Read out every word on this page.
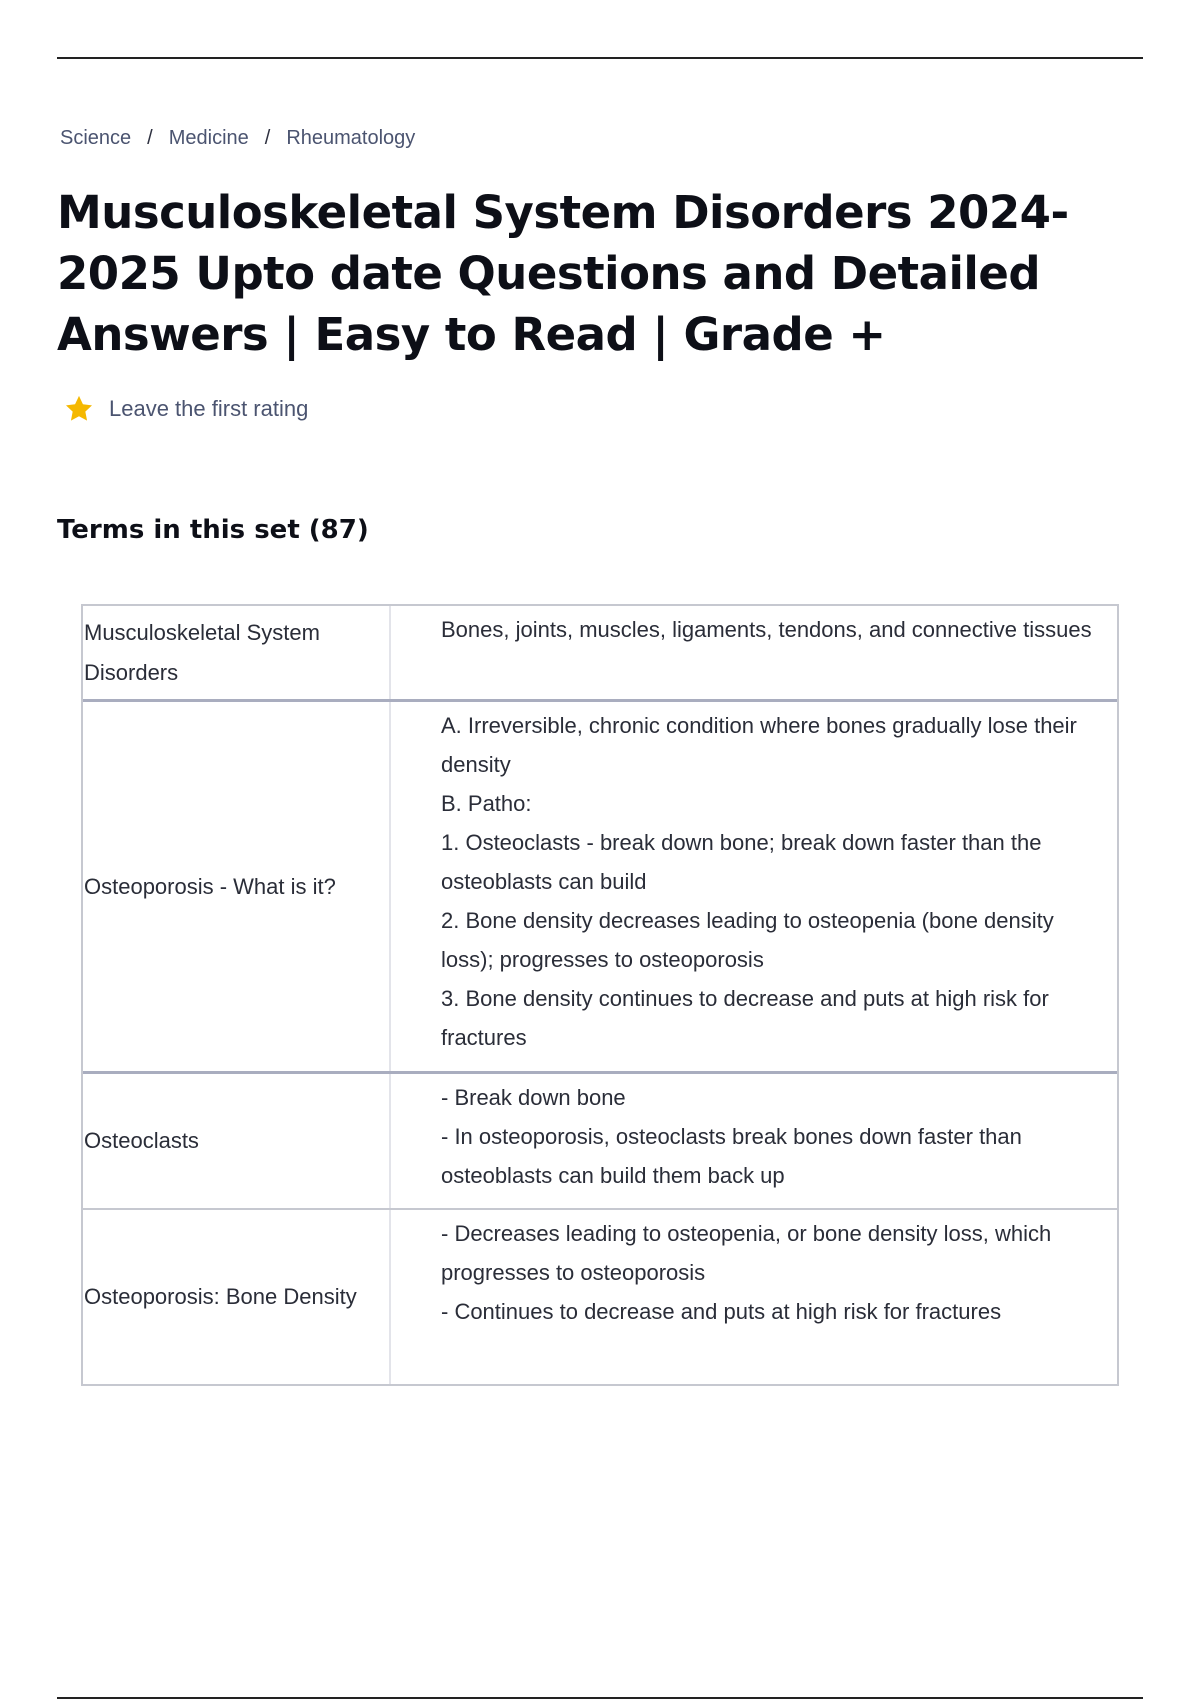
Science / Medicine / Rheumatology
Musculoskeletal System Disorders 2024-2025 Upto date Questions and Detailed Answers | Easy to Read | Grade +
Leave the first rating
Terms in this set (87)
Musculoskeletal System Disorders
Bones, joints, muscles, ligaments, tendons, and connective tissues
Osteoporosis - What is it?
A. Irreversible, chronic condition where bones gradually lose their density
B. Patho:
1. Osteoclasts - break down bone; break down faster than the osteoblasts can build
2. Bone density decreases leading to osteopenia (bone density loss); progresses to osteoporosis
3. Bone density continues to decrease and puts at high risk for fractures
Osteoclasts
- Break down bone
- In osteoporosis, osteoclasts break bones down faster than osteoblasts can build them back up
Osteoporosis: Bone Density
- Decreases leading to osteopenia, or bone density loss, which progresses to osteoporosis
- Continues to decrease and puts at high risk for fractures
